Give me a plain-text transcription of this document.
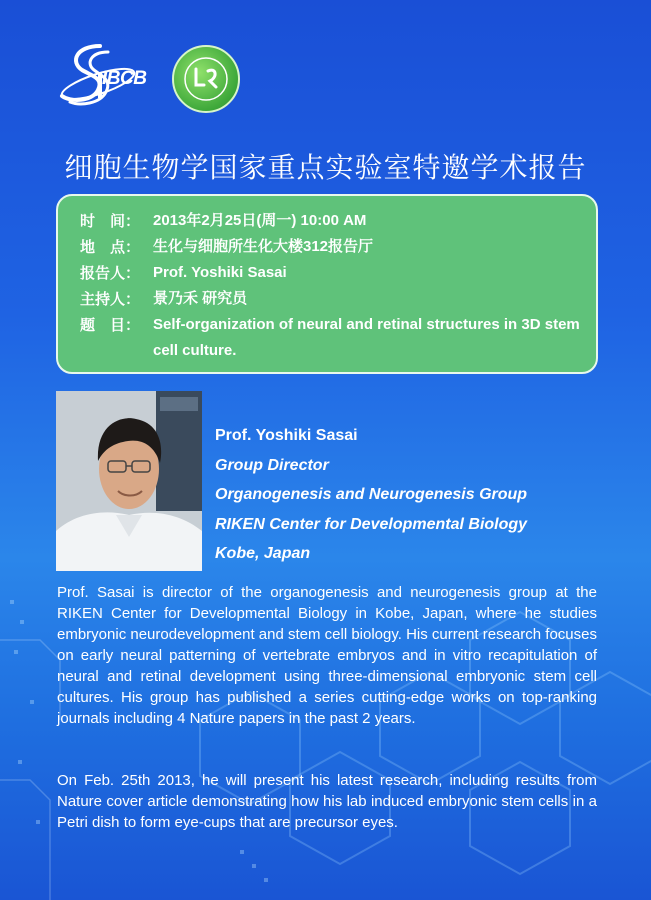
IBCB
细胞生物学国家重点实验室特邀学术报告
时　间： 2013年2月25日(周一) 10:00 AM
地　点： 生化与细胞所生化大楼312报告厅
报告人： Prof. Yoshiki Sasai
主持人： 景乃禾 研究员
题　目： Self-organization of neural and retinal structures in 3D stem cell culture.
Prof. Yoshiki Sasai
Group Director
Organogenesis and Neurogenesis Group
RIKEN Center for Developmental Biology
Kobe, Japan

Prof. Sasai is director of the organogenesis and neurogenesis group at the RIKEN Center for Developmental Biology in Kobe, Japan, where he studies embryonic neurodevelopment and stem cell biology. His current research focuses on early neural patterning of vertebrate embryos and in vitro recapitulation of neural and retinal development using three-dimensional embryonic stem cell cultures. His group has published a series cutting-edge works on top-ranking journals including 4 Nature papers in the past 2 years.

On Feb. 25th 2013, he will present his latest research, including results from Nature cover article demonstrating how his lab induced embryonic stem cells in a Petri dish to form eye-cups that are precursor eyes.
